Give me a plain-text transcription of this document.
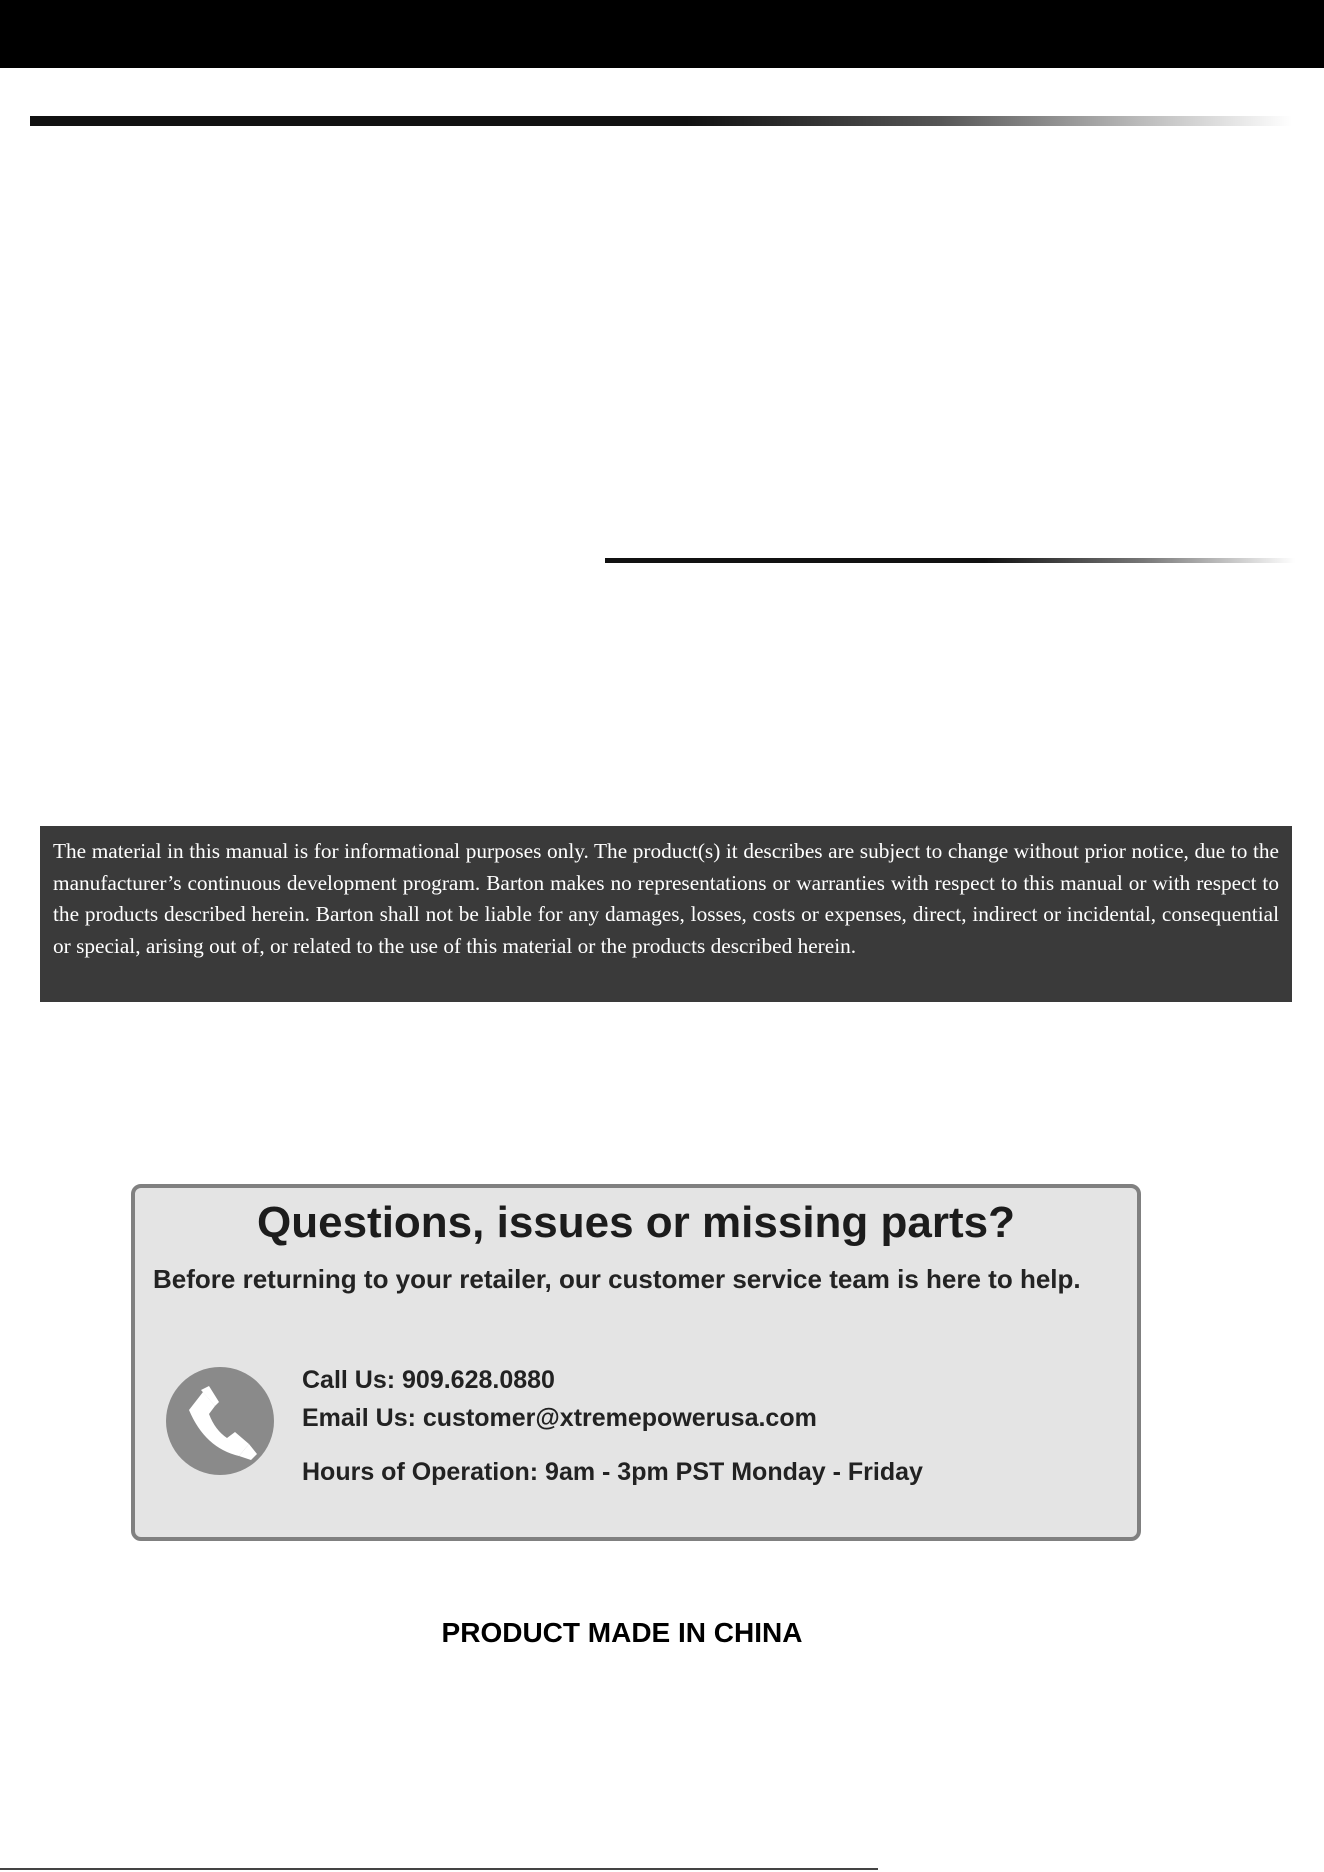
The material in this manual is for informational purposes only. The product(s) it describes are subject to change without prior notice, due to the manufacturer’s continuous development program. Barton makes no representations or warranties with respect to this manual or with respect to the products described herein. Barton shall not be liable for any damages, losses, costs or expenses, direct, indirect or incidental, consequential or special, arising out of, or related to the use of this material or the products described herein.

Questions, issues or missing parts?

Before returning to your retailer, our customer service team is here to help.

Call Us: 909.628.0880

Email Us: customer@xtremepowerusa.com

Hours of Operation: 9am - 3pm PST Monday - Friday

PRODUCT MADE IN CHINA
